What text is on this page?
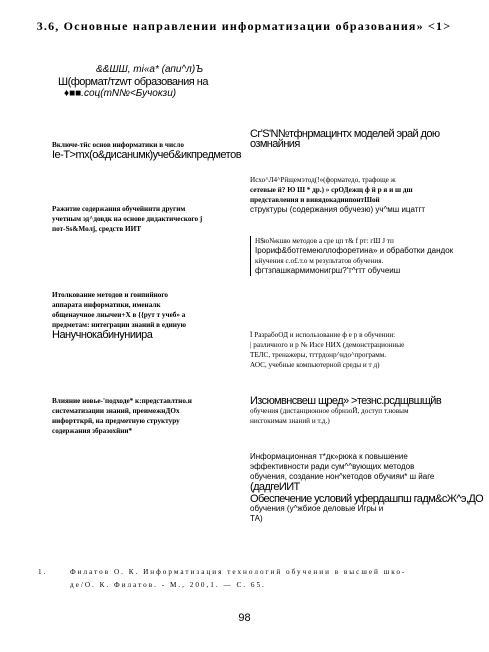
3.6, Основные направлении информатизации образования» <1>
&&ШШ, mi«a* (апи^л)Ъ
Ш(формат/тzwт образования на
♦■■.соц(тN№<Бучокзи)
Включе-тйс основ информатики в число
Ie-T>mx(o&дисанuмк)учеб&икпредметов
Ражнтие содержания обучейннтн другим
учетным эд^довдк на основе дидактического j
пот-Ss&Мoлj, средств ИИТ
Итолкованне методов и гонпийного
аппарата информатики, именалк
общенаучное лнычеи+Х в {{рут т учеб» а
предметам: нитеграции знаний в единую
Нанучнокабинуниира
Влияние новье-'подходе* к:представлтно.н
систематизации знаний, преимежнДОх
нифортткрй, на предметную структуру
содержания збразохйни*
Сг'S'N№тфнрмацинтх моделей эрай дою
озмнайния
Исхо^Л4^Рйщемэтод(!»(форматедо, трафоще ж
сетевые й? Ю Ш * др.) » срОДежщ ф й р я и ш дш
представления и вивядокадинпонтШой
структуры (содержания обучезю) уч^мш ицатгт
Н$ю№кшю методов а сре цп т& f рт: гШ Ј тп
Ірориф&ботгемеюллофоретина» и обработки дандок
кйучения с.о£.т.о м результатов обучения.
фгтзпашкармимонигрш?'т^rтт обучеиш
Ї РазрабоОД и использование ф е р в обучении:
| различного и р № Изсе НИХ (демонстрационные
ТЕЛС, тренажеры, тгтрдонр^ндо^программ.
АОС, учебные компьютерной среды и т д)
Изсюмвнсвеш щред» >тезнс.рсдщвшщйв
обучения (дистанционное обрнзоЙ, доступ т.новым
нисгокимам знаний и т.д.)
Информационная т*дк»рюка к повышение
эффективности ради сум^^вующих методов
обучения, создание нон^кетодов обучияи* ш йaге
(дадгеИИТ
Обеспечение условий уфердашпш гадм&сЖ^э,ДО
обучения (у^жбиое деловые Игры и
ТА)
1.	Филатов О. К. Информатизация технологий обучении в высшей шко-
де/О. К. Филатов. - М., 200,1. — С. 65.
98
